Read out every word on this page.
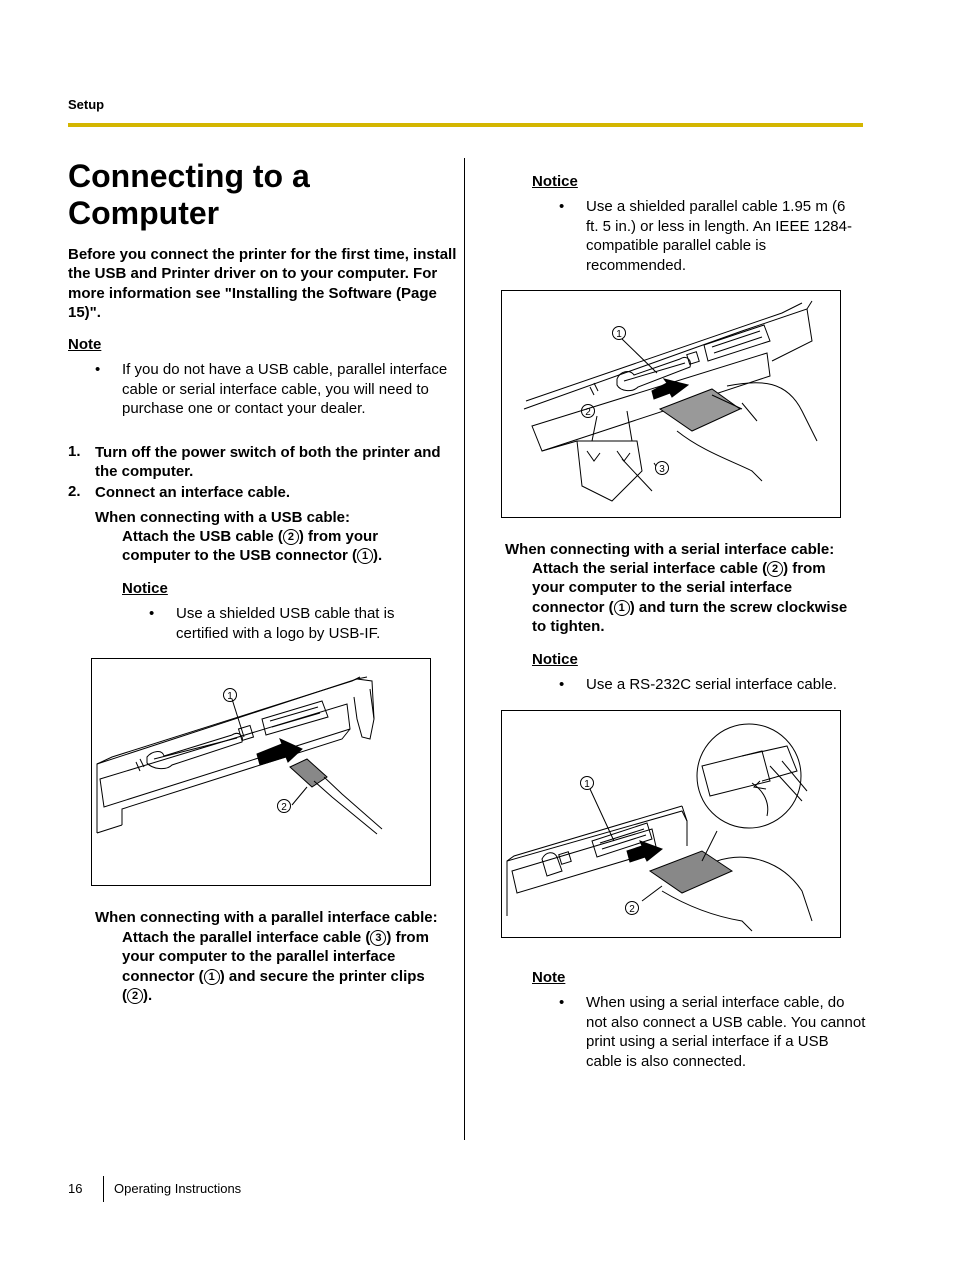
Setup
Connecting to a Computer
Before you connect the printer for the first time, install the USB and Printer driver on to your computer. For more information see "Installing the Software (Page 15)".
Note
• If you do not have a USB cable, parallel interface cable or serial interface cable, you will need to purchase one or contact your dealer.
1. Turn off the power switch of both the printer and the computer.
2. Connect an interface cable.
When connecting with a USB cable:
Attach the USB cable ( 2 ) from your
computer to the USB connector ( 1 ).
Notice
• Use a shielded USB cable that is certified with a logo by USB-IF.
1
2
When connecting with a parallel interface cable:
Attach the parallel interface cable ( 3 ) from
your computer to the parallel interface
connector ( 1 ) and secure the printer clips
( 2 ).
Notice
• Use a shielded parallel cable 1.95 m (6 ft. 5 in.) or less in length. An IEEE 1284-compatible parallel cable is recommended.
1
2
3
When connecting with a serial interface cable:
Attach the serial interface cable ( 2 ) from
your computer to the serial interface
connector ( 1 ) and turn the screw clockwise
to tighten.
Notice
• Use a RS-232C serial interface cable.
1
2
Note
• When using a serial interface cable, do not also connect a USB cable. You cannot print using a serial interface if a USB cable is also connected.
16 Operating Instructions
